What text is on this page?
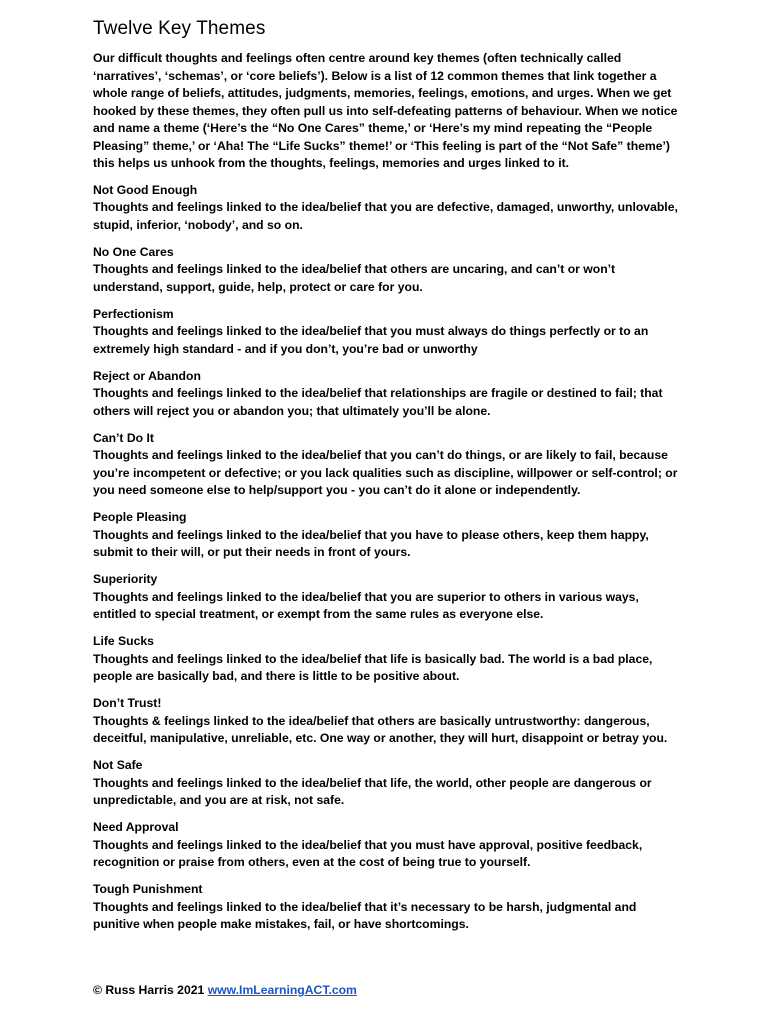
Twelve Key Themes

Our difficult thoughts and feelings often centre around key themes (often technically called ‘narratives’, ‘schemas’, or ‘core beliefs’). Below is a list of 12 common themes that link together a whole range of beliefs, attitudes, judgments, memories, feelings, emotions, and urges. When we get hooked by these themes, they often pull us into self-defeating patterns of behaviour. When we notice and name a theme (‘Here’s the “No One Cares” theme,’ or ‘Here’s my mind repeating the “People Pleasing” theme,’ or ‘Aha! The “Life Sucks” theme!’ or ‘This feeling is part of the “Not Safe” theme’) this helps us unhook from the thoughts, feelings, memories and urges linked to it.

Not Good Enough
Thoughts and feelings linked to the idea/belief that you are defective, damaged, unworthy, unlovable, stupid, inferior, ‘nobody’, and so on.
No One Cares
Thoughts and feelings linked to the idea/belief that others are uncaring, and can’t or won’t understand, support, guide, help, protect or care for you.
Perfectionism
Thoughts and feelings linked to the idea/belief that you must always do things perfectly or to an extremely high standard - and if you don’t, you’re bad or unworthy
Reject or Abandon
Thoughts and feelings linked to the idea/belief that relationships are fragile or destined to fail; that others will reject you or abandon you; that ultimately you’ll be alone.
Can’t Do It
Thoughts and feelings linked to the idea/belief that you can’t do things, or are likely to fail, because you’re incompetent or defective; or you lack qualities such as discipline, willpower or self-control; or you need someone else to help/support you - you can’t do it alone or independently.
People Pleasing
Thoughts and feelings linked to the idea/belief that you have to please others, keep them happy, submit to their will, or put their needs in front of yours.
Superiority
Thoughts and feelings linked to the idea/belief that you are superior to others in various ways, entitled to special treatment, or exempt from the same rules as everyone else.
Life Sucks
Thoughts and feelings linked to the idea/belief that life is basically bad. The world is a bad place, people are basically bad, and there is little to be positive about.
Don’t Trust!
Thoughts & feelings linked to the idea/belief that others are basically untrustworthy: dangerous, deceitful, manipulative, unreliable, etc. One way or another, they will hurt, disappoint or betray you.
Not Safe
Thoughts and feelings linked to the idea/belief that life, the world, other people are dangerous or unpredictable, and you are at risk, not safe.
Need Approval
Thoughts and feelings linked to the idea/belief that you must have approval, positive feedback, recognition or praise from others, even at the cost of being true to yourself.
Tough Punishment
Thoughts and feelings linked to the idea/belief that it’s necessary to be harsh, judgmental and punitive when people make mistakes, fail, or have shortcomings.
© Russ Harris 2021 www.ImLearningACT.com
